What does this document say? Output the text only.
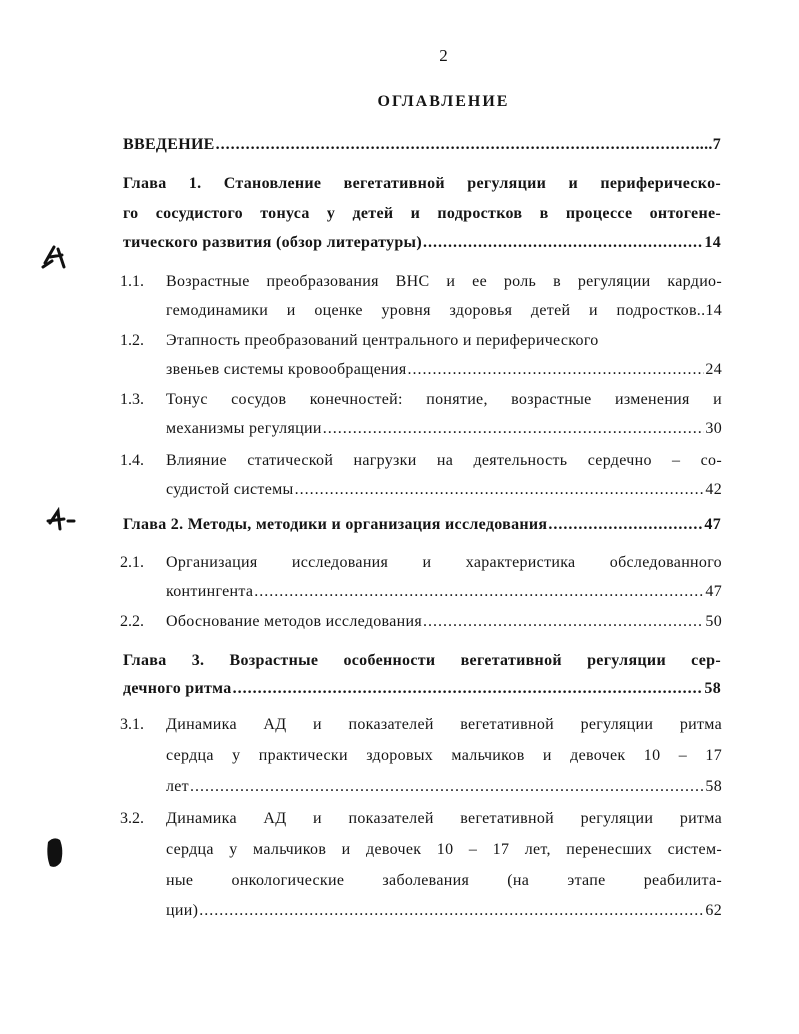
2
ОГЛАВЛЕНИЕ
ВВЕДЕНИЕ .....	....7
Глава 1. Становление вегетативной регуляции и периферическо-
го сосудистого тонуса у детей и подростков в процессе онтогене-
тического развития (обзор литературы) .....	14
1.1. Возрастные преобразования ВНС и ее роль в регуляции кардио-
гемодинамики и оценке уровня здоровья детей и подростков..14
1.2. Этапность преобразований центрального и периферического
звеньев системы кровообращения .....	24
1.3. Тонус сосудов конечностей: понятие, возрастные изменения и
механизмы регуляции .....	30
1.4. Влияние статической нагрузки на деятельность сердечно – со-
судистой системы .....	42
Глава 2. Методы, методики и организация исследования .....	47
2.1. Организация исследования и характеристика обследованного
контингента .....	47
2.2. Обоснование методов исследования .....	50
Глава 3. Возрастные особенности вегетативной регуляции сер-
дечного ритма .....	58
3.1. Динамика АД и показателей вегетативной регуляции ритма
сердца у практически здоровых мальчиков и девочек 10 – 17
лет .....	58
3.2. Динамика АД и показателей вегетативной регуляции ритма
сердца у мальчиков и девочек 10 – 17 лет, перенесших систем-
ные онкологические заболевания (на этапе реабилита-
ции) .....	62
